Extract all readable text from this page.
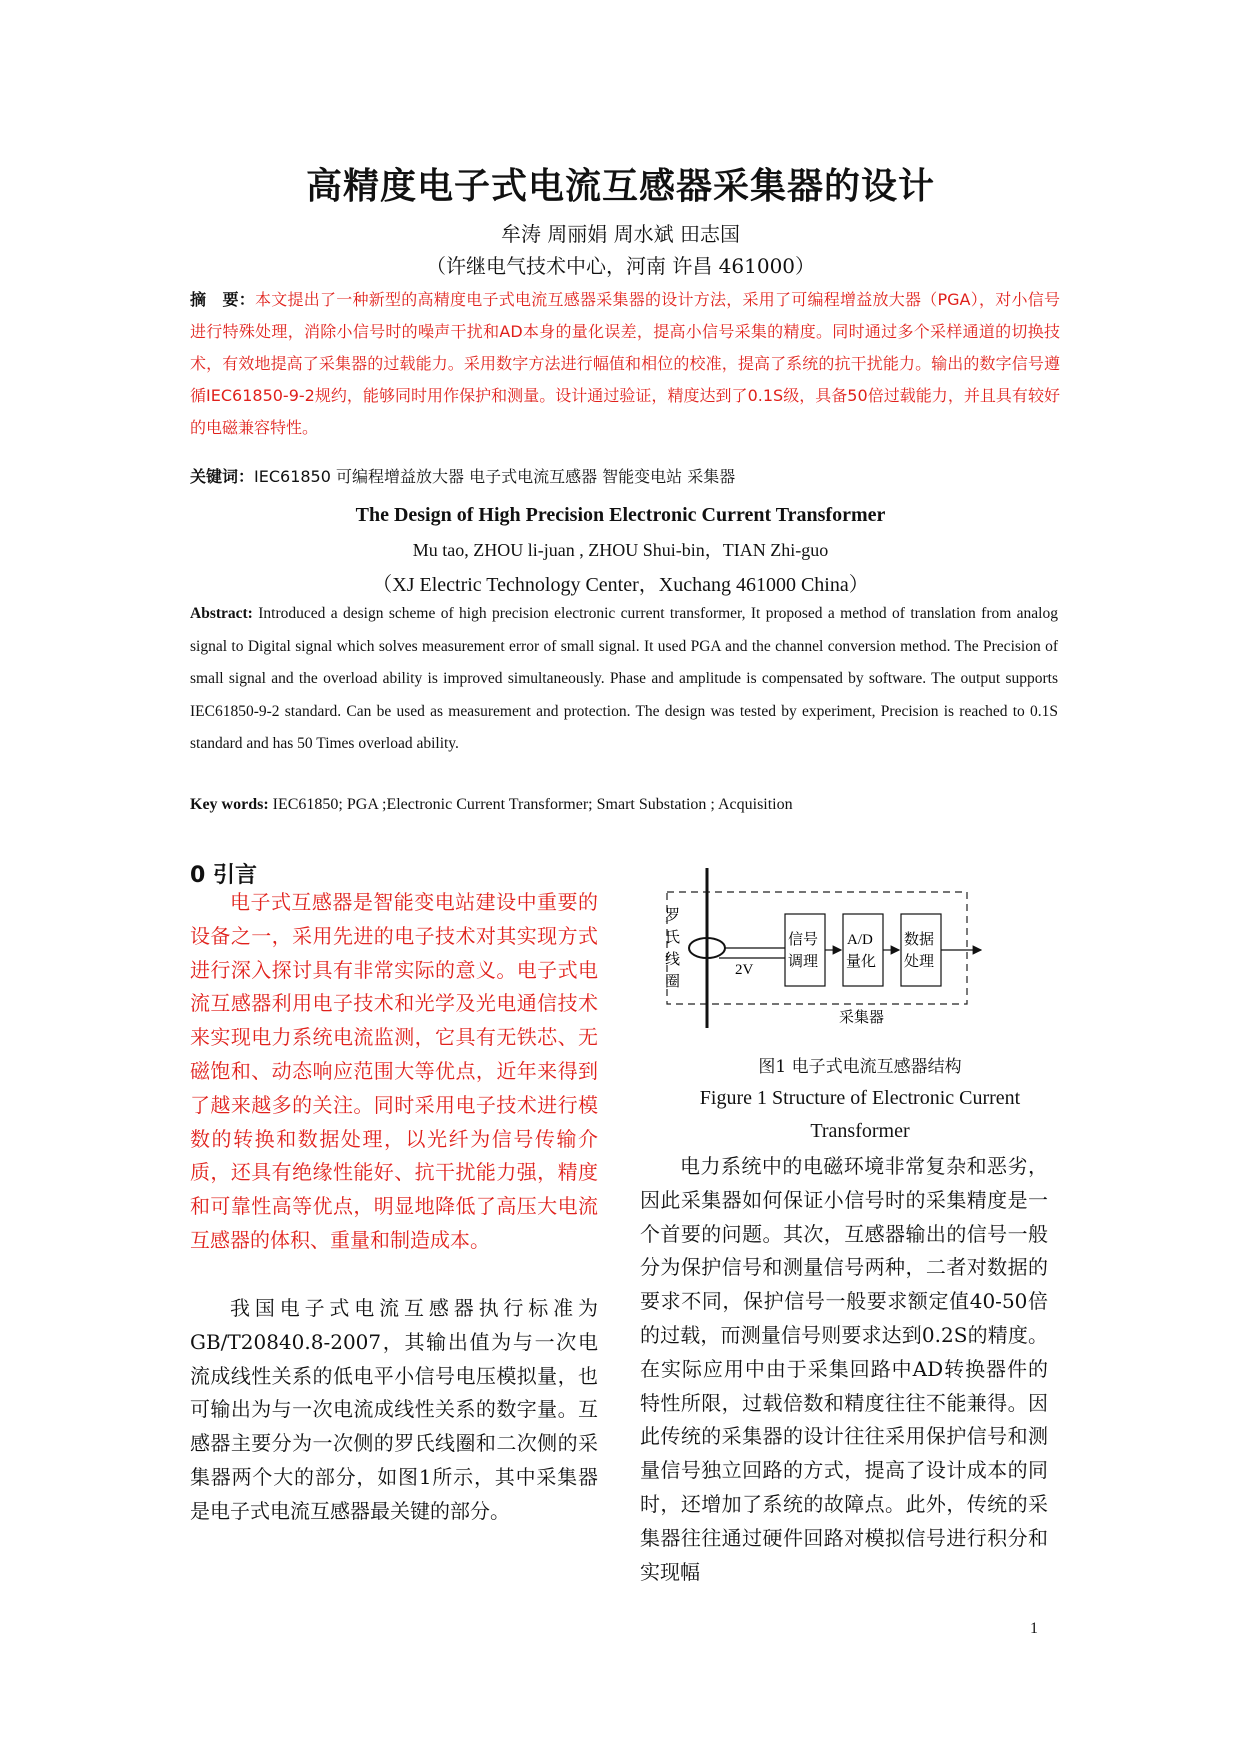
高精度电子式电流互感器采集器的设计
牟涛 周丽娟 周水斌 田志国
（许继电气技术中心，河南 许昌 461000）
摘　要：本文提出了一种新型的高精度电子式电流互感器采集器的设计方法，采用了可编程增益放大器（PGA），对小信号进行特殊处理，消除小信号时的噪声干扰和AD本身的量化误差，提高小信号采集的精度。同时通过多个采样通道的切换技术，有效地提高了采集器的过载能力。采用数字方法进行幅值和相位的校准，提高了系统的抗干扰能力。输出的数字信号遵循IEC61850-9-2规约，能够同时用作保护和测量。设计通过验证，精度达到了0.1S级，具备50倍过载能力，并且具有较好的电磁兼容特性。
关键词：IEC61850 可编程增益放大器 电子式电流互感器 智能变电站 采集器
The Design of High Precision Electronic Current Transformer
Mu tao, ZHOU li-juan , ZHOU Shui-bin，TIAN Zhi-guo
（XJ Electric Technology Center，Xuchang 461000 China）
Abstract: Introduced a design scheme of high precision electronic current transformer, It proposed a method of translation from analog signal to Digital signal which solves measurement error of small signal. It used PGA and the channel conversion method. The Precision of small signal and the overload ability is improved simultaneously. Phase and amplitude is compensated by software. The output supports IEC61850-9-2 standard. Can be used as measurement and protection. The design was tested by experiment, Precision is reached to 0.1S standard and has 50 Times overload ability.
Key words: IEC61850; PGA ;Electronic Current Transformer; Smart Substation ; Acquisition
0 引言
电子式互感器是智能变电站建设中重要的设备之一，采用先进的电子技术对其实现方式进行深入探讨具有非常实际的意义。电子式电流互感器利用电子技术和光学及光电通信技术来实现电力系统电流监测，它具有无铁芯、无磁饱和、动态响应范围大等优点，近年来得到了越来越多的关注。同时采用电子技术进行模数的转换和数据处理，以光纤为信号传输介质，还具有绝缘性能好、抗干扰能力强，精度和可靠性高等优点，明显地降低了高压大电流互感器的体积、重量和制造成本。
我国电子式电流互感器执行标准为GB/T20840.8-2007，其输出值为与一次电流成线性关系的低电平小信号电压模拟量，也可输出为与一次电流成线性关系的数字量。互感器主要分为一次侧的罗氏线圈和二次侧的采集器两个大的部分，如图1所示，其中采集器是电子式电流互感器最关键的部分。
电力系统中的电磁环境非常复杂和恶劣，因此采集器如何保证小信号时的采集精度是一个首要的问题。其次，互感器输出的信号一般分为保护信号和测量信号两种，二者对数据的要求不同，保护信号一般要求额定值40-50倍的过载，而测量信号则要求达到0.2S的精度。在实际应用中由于采集回路中AD转换器件的特性所限，过载倍数和精度往往不能兼得。因此传统的采集器的设计往往采用保护信号和测量信号独立回路的方式，提高了设计成本的同时，还增加了系统的故障点。此外，传统的采集器往往通过硬件回路对模拟信号进行积分和实现幅
罗
氏
线
圈
2V
信号
调理
A/D
量化
数据
处理
采集器
图1 电子式电流互感器结构
Figure 1 Structure of Electronic Current Transformer
1
